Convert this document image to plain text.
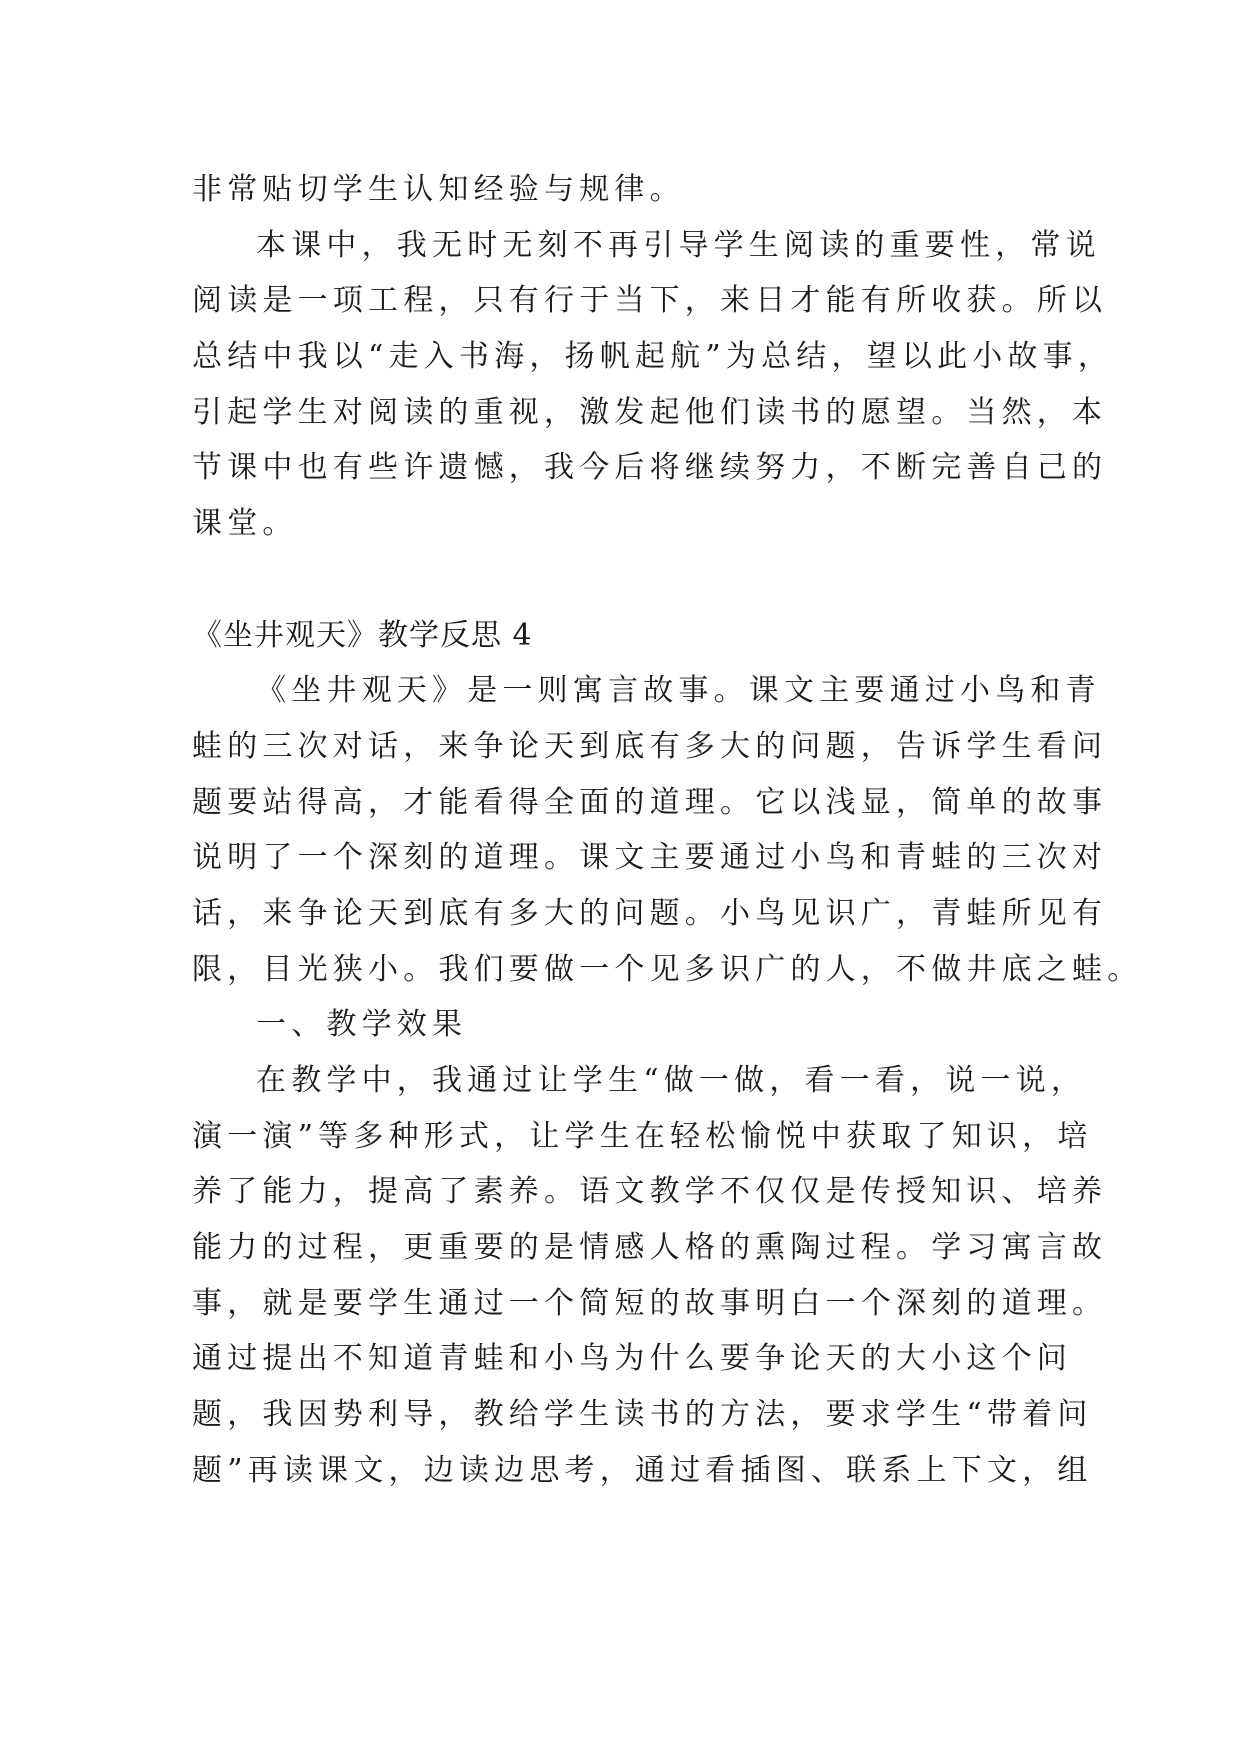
非常贴切学生认知经验与规律。
本课中，我无时无刻不再引导学生阅读的重要性，常说
阅读是一项工程，只有行于当下，来日才能有所收获。所以
总结中我以“走入书海，扬帆起航”为总结，望以此小故事，
引起学生对阅读的重视，激发起他们读书的愿望。当然，本
节课中也有些许遗憾，我今后将继续努力，不断完善自己的
课堂。
《坐井观天》教学反思 4
《坐井观天》是一则寓言故事。课文主要通过小鸟和青
蛙的三次对话，来争论天到底有多大的问题，告诉学生看问
题要站得高，才能看得全面的道理。它以浅显，简单的故事
说明了一个深刻的道理。课文主要通过小鸟和青蛙的三次对
话，来争论天到底有多大的问题。小鸟见识广，青蛙所见有
限，目光狭小。我们要做一个见多识广的人，不做井底之蛙。
一、教学效果
在教学中，我通过让学生“做一做，看一看，说一说，
演一演”等多种形式，让学生在轻松愉悦中获取了知识，培
养了能力，提高了素养。语文教学不仅仅是传授知识、培养
能力的过程，更重要的是情感人格的熏陶过程。学习寓言故
事，就是要学生通过一个简短的故事明白一个深刻的道理。
通过提出不知道青蛙和小鸟为什么要争论天的大小这个问
题，我因势利导，教给学生读书的方法，要求学生“带着问
题”再读课文，边读边思考，通过看插图、联系上下文，组
